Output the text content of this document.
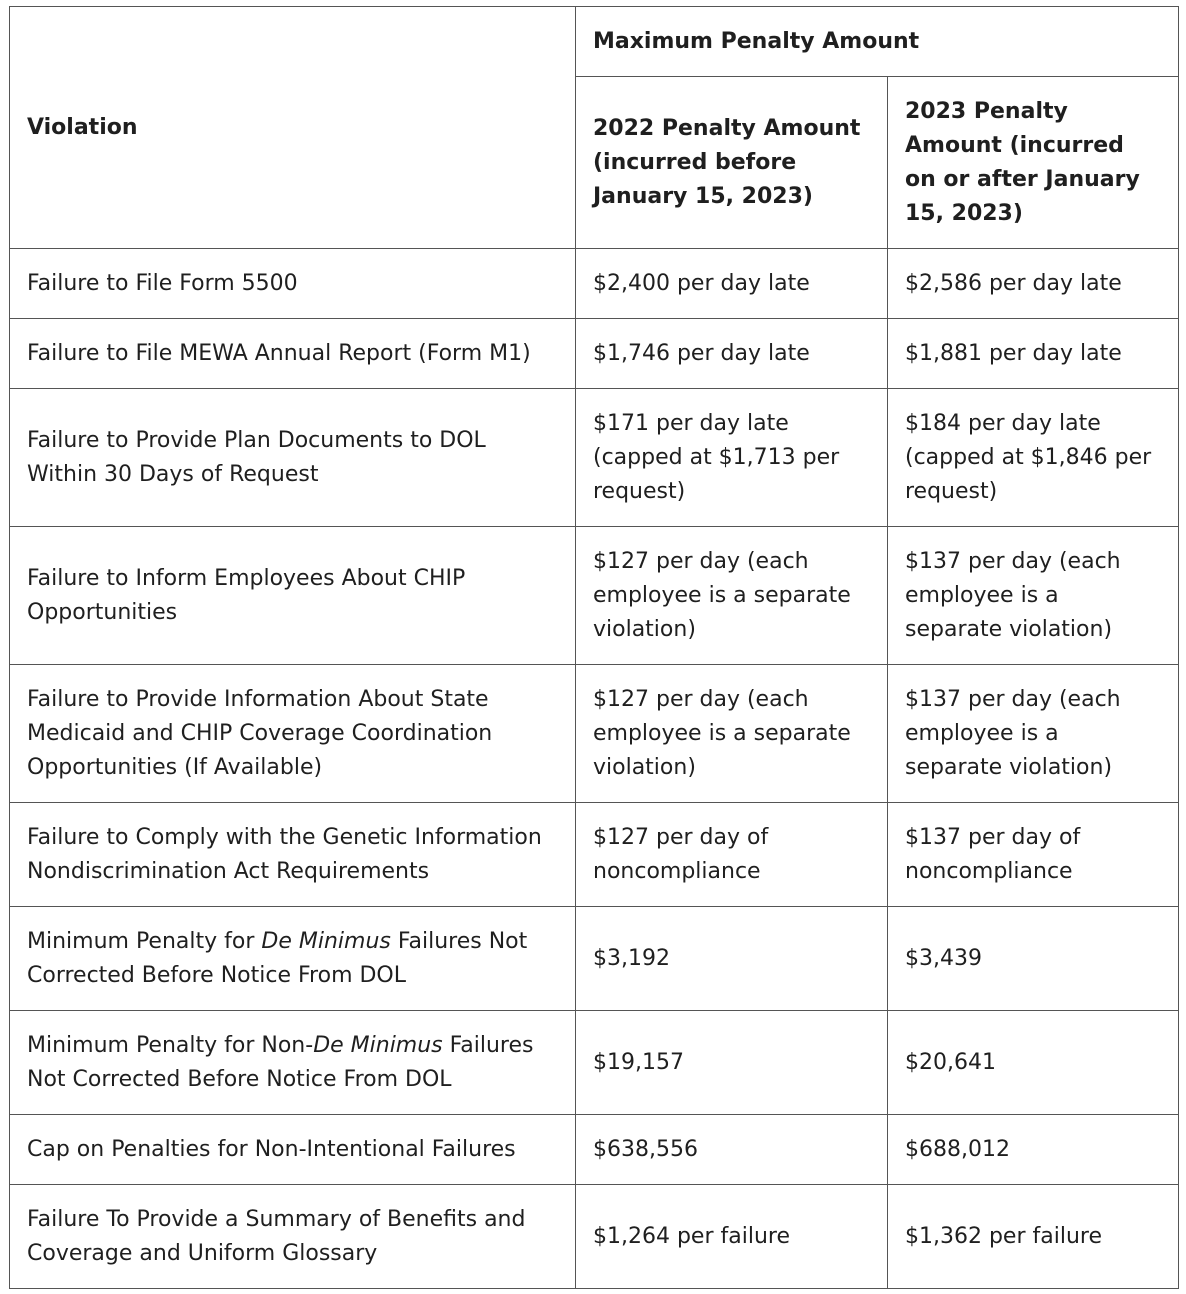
Violation	Maximum Penalty Amount	
	2022 Penalty Amount (incurred before January 15, 2023)	2023 Penalty Amount (incurred on or after January 15, 2023)
Failure to File Form 5500	$2,400 per day late	$2,586 per day late
Failure to File MEWA Annual Report (Form M1)	$1,746 per day late	$1,881 per day late
Failure to Provide Plan Documents to DOL Within 30 Days of Request	$171 per day late (capped at $1,713 per request)	$184 per day late (capped at $1,846 per request)
Failure to Inform Employees About CHIP Opportunities	$127 per day (each employee is a separate violation)	$137 per day (each employee is a separate violation)
Failure to Provide Information About State Medicaid and CHIP Coverage Coordination Opportunities (If Available)	$127 per day (each employee is a separate violation)	$137 per day (each employee is a separate violation)
Failure to Comply with the Genetic Information Nondiscrimination Act Requirements	$127 per day of noncompliance	$137 per day of noncompliance
Minimum Penalty for De Minimus Failures Not Corrected Before Notice From DOL	$3,192	$3,439
Minimum Penalty for Non-De Minimus Failures Not Corrected Before Notice From DOL	$19,157	$20,641
Cap on Penalties for Non-Intentional Failures	$638,556	$688,012
Failure To Provide a Summary of Benefits and Coverage and Uniform Glossary	$1,264 per failure	$1,362 per failure
